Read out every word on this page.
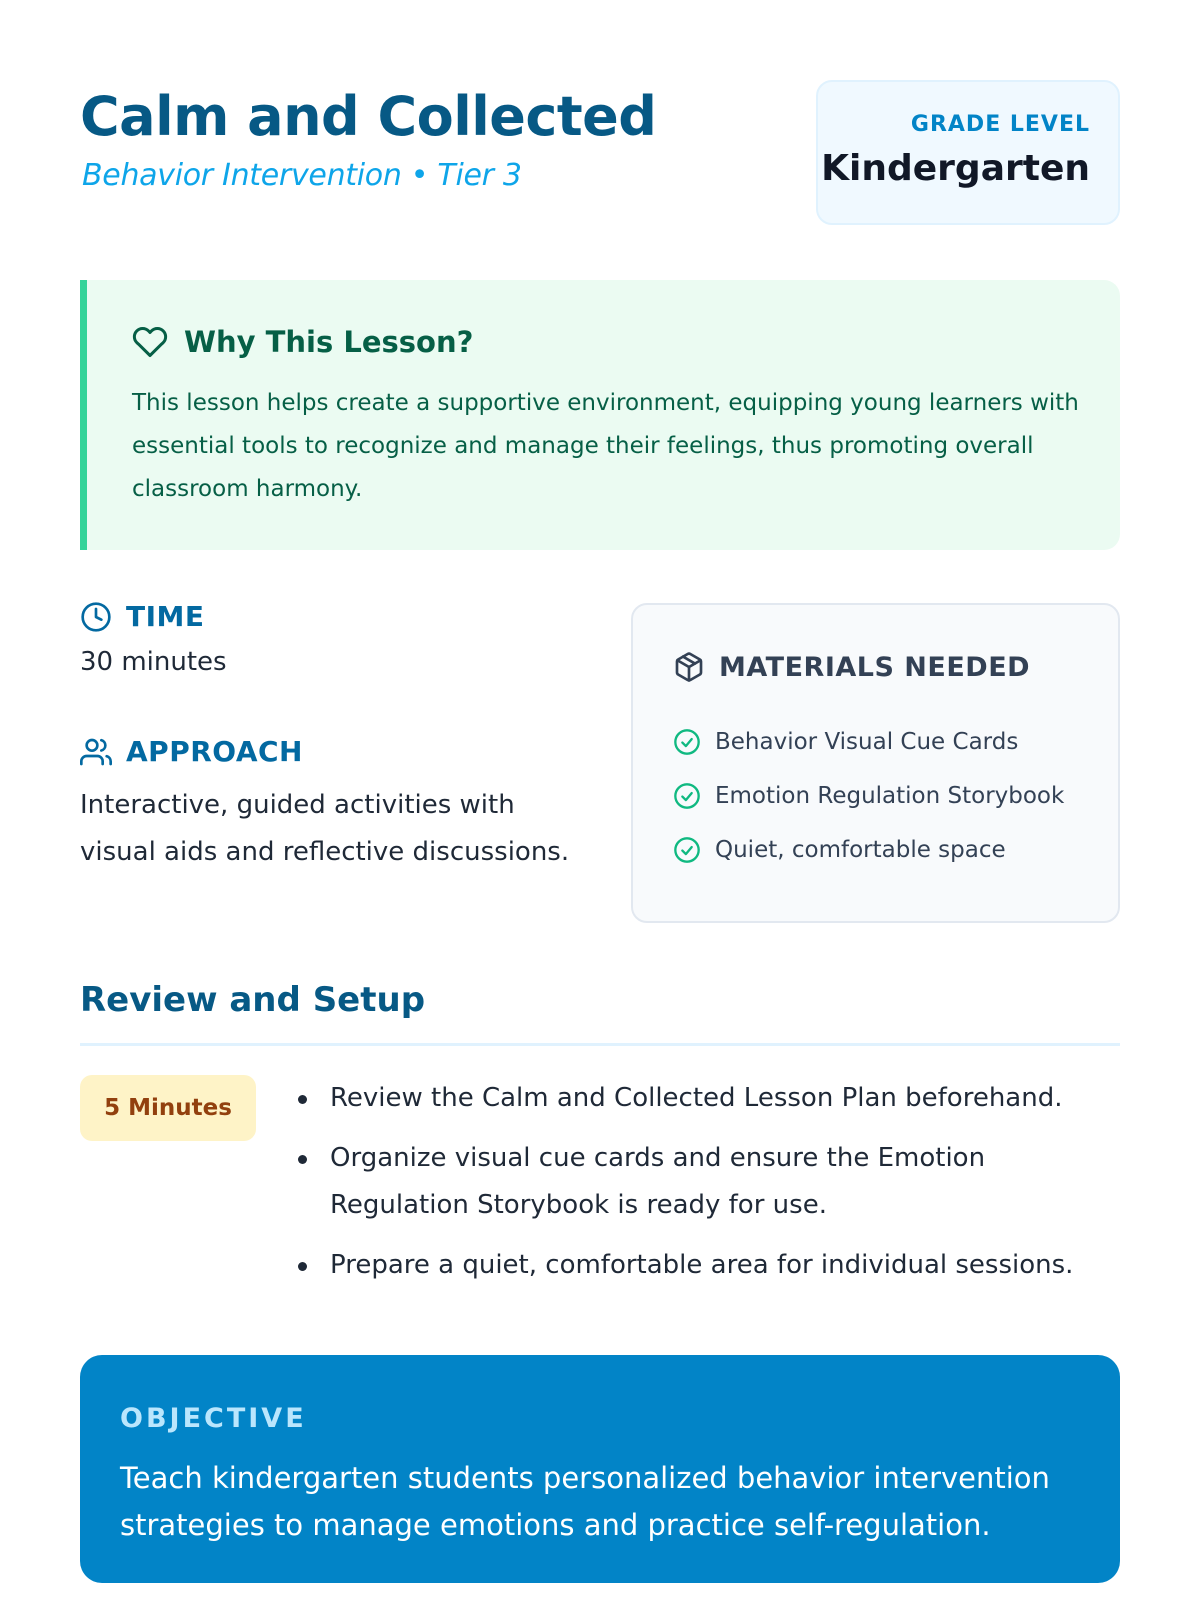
Calm and Collected
Behavior Intervention • Tier 3
GRADE LEVEL
Kindergarten
Why This Lesson?

This lesson helps create a supportive environment, equipping young learners with essential tools to recognize and manage their feelings, thus promoting overall classroom harmony.

TIME
30 minutes
APPROACH
Interactive, guided activities with visual aids and reflective discussions.
MATERIALS NEEDED
Behavior Visual Cue Cards
Emotion Regulation Storybook
Quiet, comfortable space
Review and Setup
5 Minutes	Review the Calm and Collected Lesson Plan beforehand.
Organize visual cue cards and ensure the Emotion Regulation Storybook is ready for use.
Prepare a quiet, comfortable area for individual sessions.
OBJECTIVE

Teach kindergarten students personalized behavior intervention strategies to manage emotions and practice self-regulation.
